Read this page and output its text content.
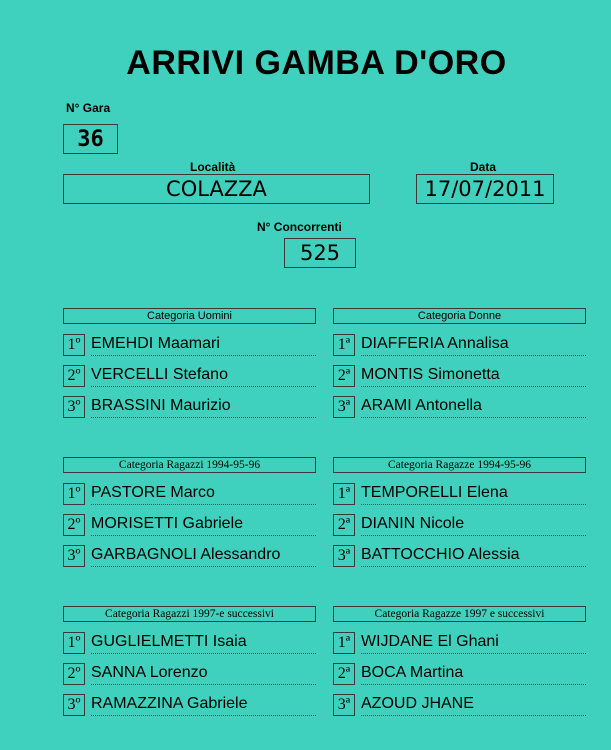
ARRIVI GAMBA D'ORO
N° Gara
36
Località
COLAZZA
Data
17/07/2011
N° Concorrenti
525
Categoria Uomini
1º EMEHDI Maamari
2º VERCELLI Stefano
3º BRASSINI Maurizio
Categoria Donne
1ª DIAFFERIA Annalisa
2ª MONTIS Simonetta
3ª ARAMI Antonella
Categoria Ragazzi 1994-95-96
1º PASTORE Marco
2º MORISETTI Gabriele
3º GARBAGNOLI Alessandro
Categoria Ragazze 1994-95-96
1ª TEMPORELLI Elena
2ª DIANIN Nicole
3ª BATTOCCHIO Alessia
Categoria Ragazzi 1997-e successivi
1º GUGLIELMETTI Isaia
2º SANNA Lorenzo
3º RAMAZZINA Gabriele
Categoria Ragazze 1997 e successivi
1ª WIJDANE El Ghani
2ª BOCA Martina
3ª AZOUD JHANE
